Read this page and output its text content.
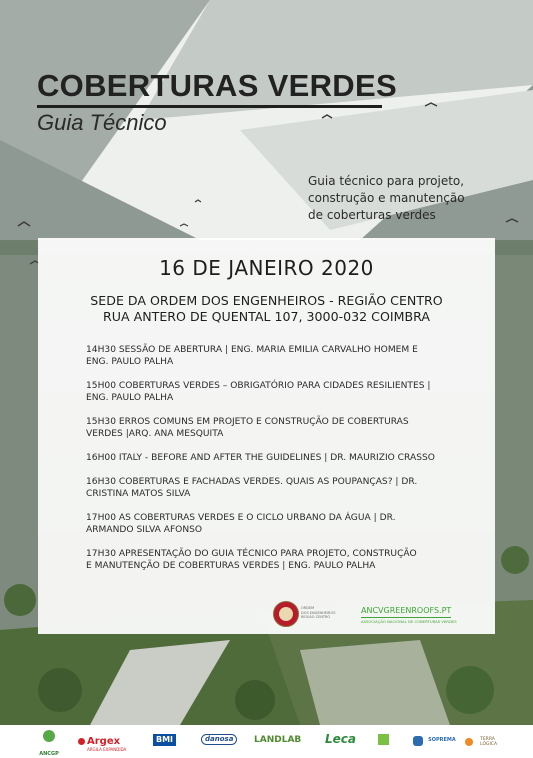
COBERTURAS VERDES
Guia Técnico
Guia técnico para projeto,
construção e manutenção
de coberturas verdes
16 DE JANEIRO 2020
SEDE DA ORDEM DOS ENGENHEIROS - REGIÃO CENTRO
RUA ANTERO DE QUENTAL 107, 3000-032 COIMBRA
14H30 SESSÃO DE ABERTURA | ENG. MARIA EMILIA CARVALHO HOMEM E
ENG. PAULO PALHA
15H00 COBERTURAS VERDES – OBRIGATÓRIO PARA CIDADES RESILIENTES |
ENG. PAULO PALHA
15H30 ERROS COMUNS EM PROJETO E CONSTRUÇÃO DE COBERTURAS
VERDES |ARQ. ANA MESQUITA
16H00 ITALY - BEFORE AND AFTER THE GUIDELINES | DR. MAURIZIO CRASSO
16H30 COBERTURAS E FACHADAS VERDES. QUAIS AS POUPANÇAS? | DR.
CRISTINA MATOS SILVA
17H00 AS COBERTURAS VERDES E O CICLO URBANO DA ÁGUA | DR.
ARMANDO SILVA AFONSO
17H30 APRESENTAÇÃO DO GUIA TÉCNICO PARA PROJETO, CONSTRUÇÃO
E MANUTENÇÃO DE COBERTURAS VERDES | ENG. PAULO PALHA
ORDEM
DOS ENGENHEIROS
REGIÃO CENTRO
ANCVGREENROOFS.PT
ASSOCIAÇÃO NACIONAL DE COBERTURAS VERDES
ANCGP
Argex
ARGILA EXPANDIDA
BMI	danosa	LANDLAB Leca	SOPREMA
	TERRA
LÓGICA
